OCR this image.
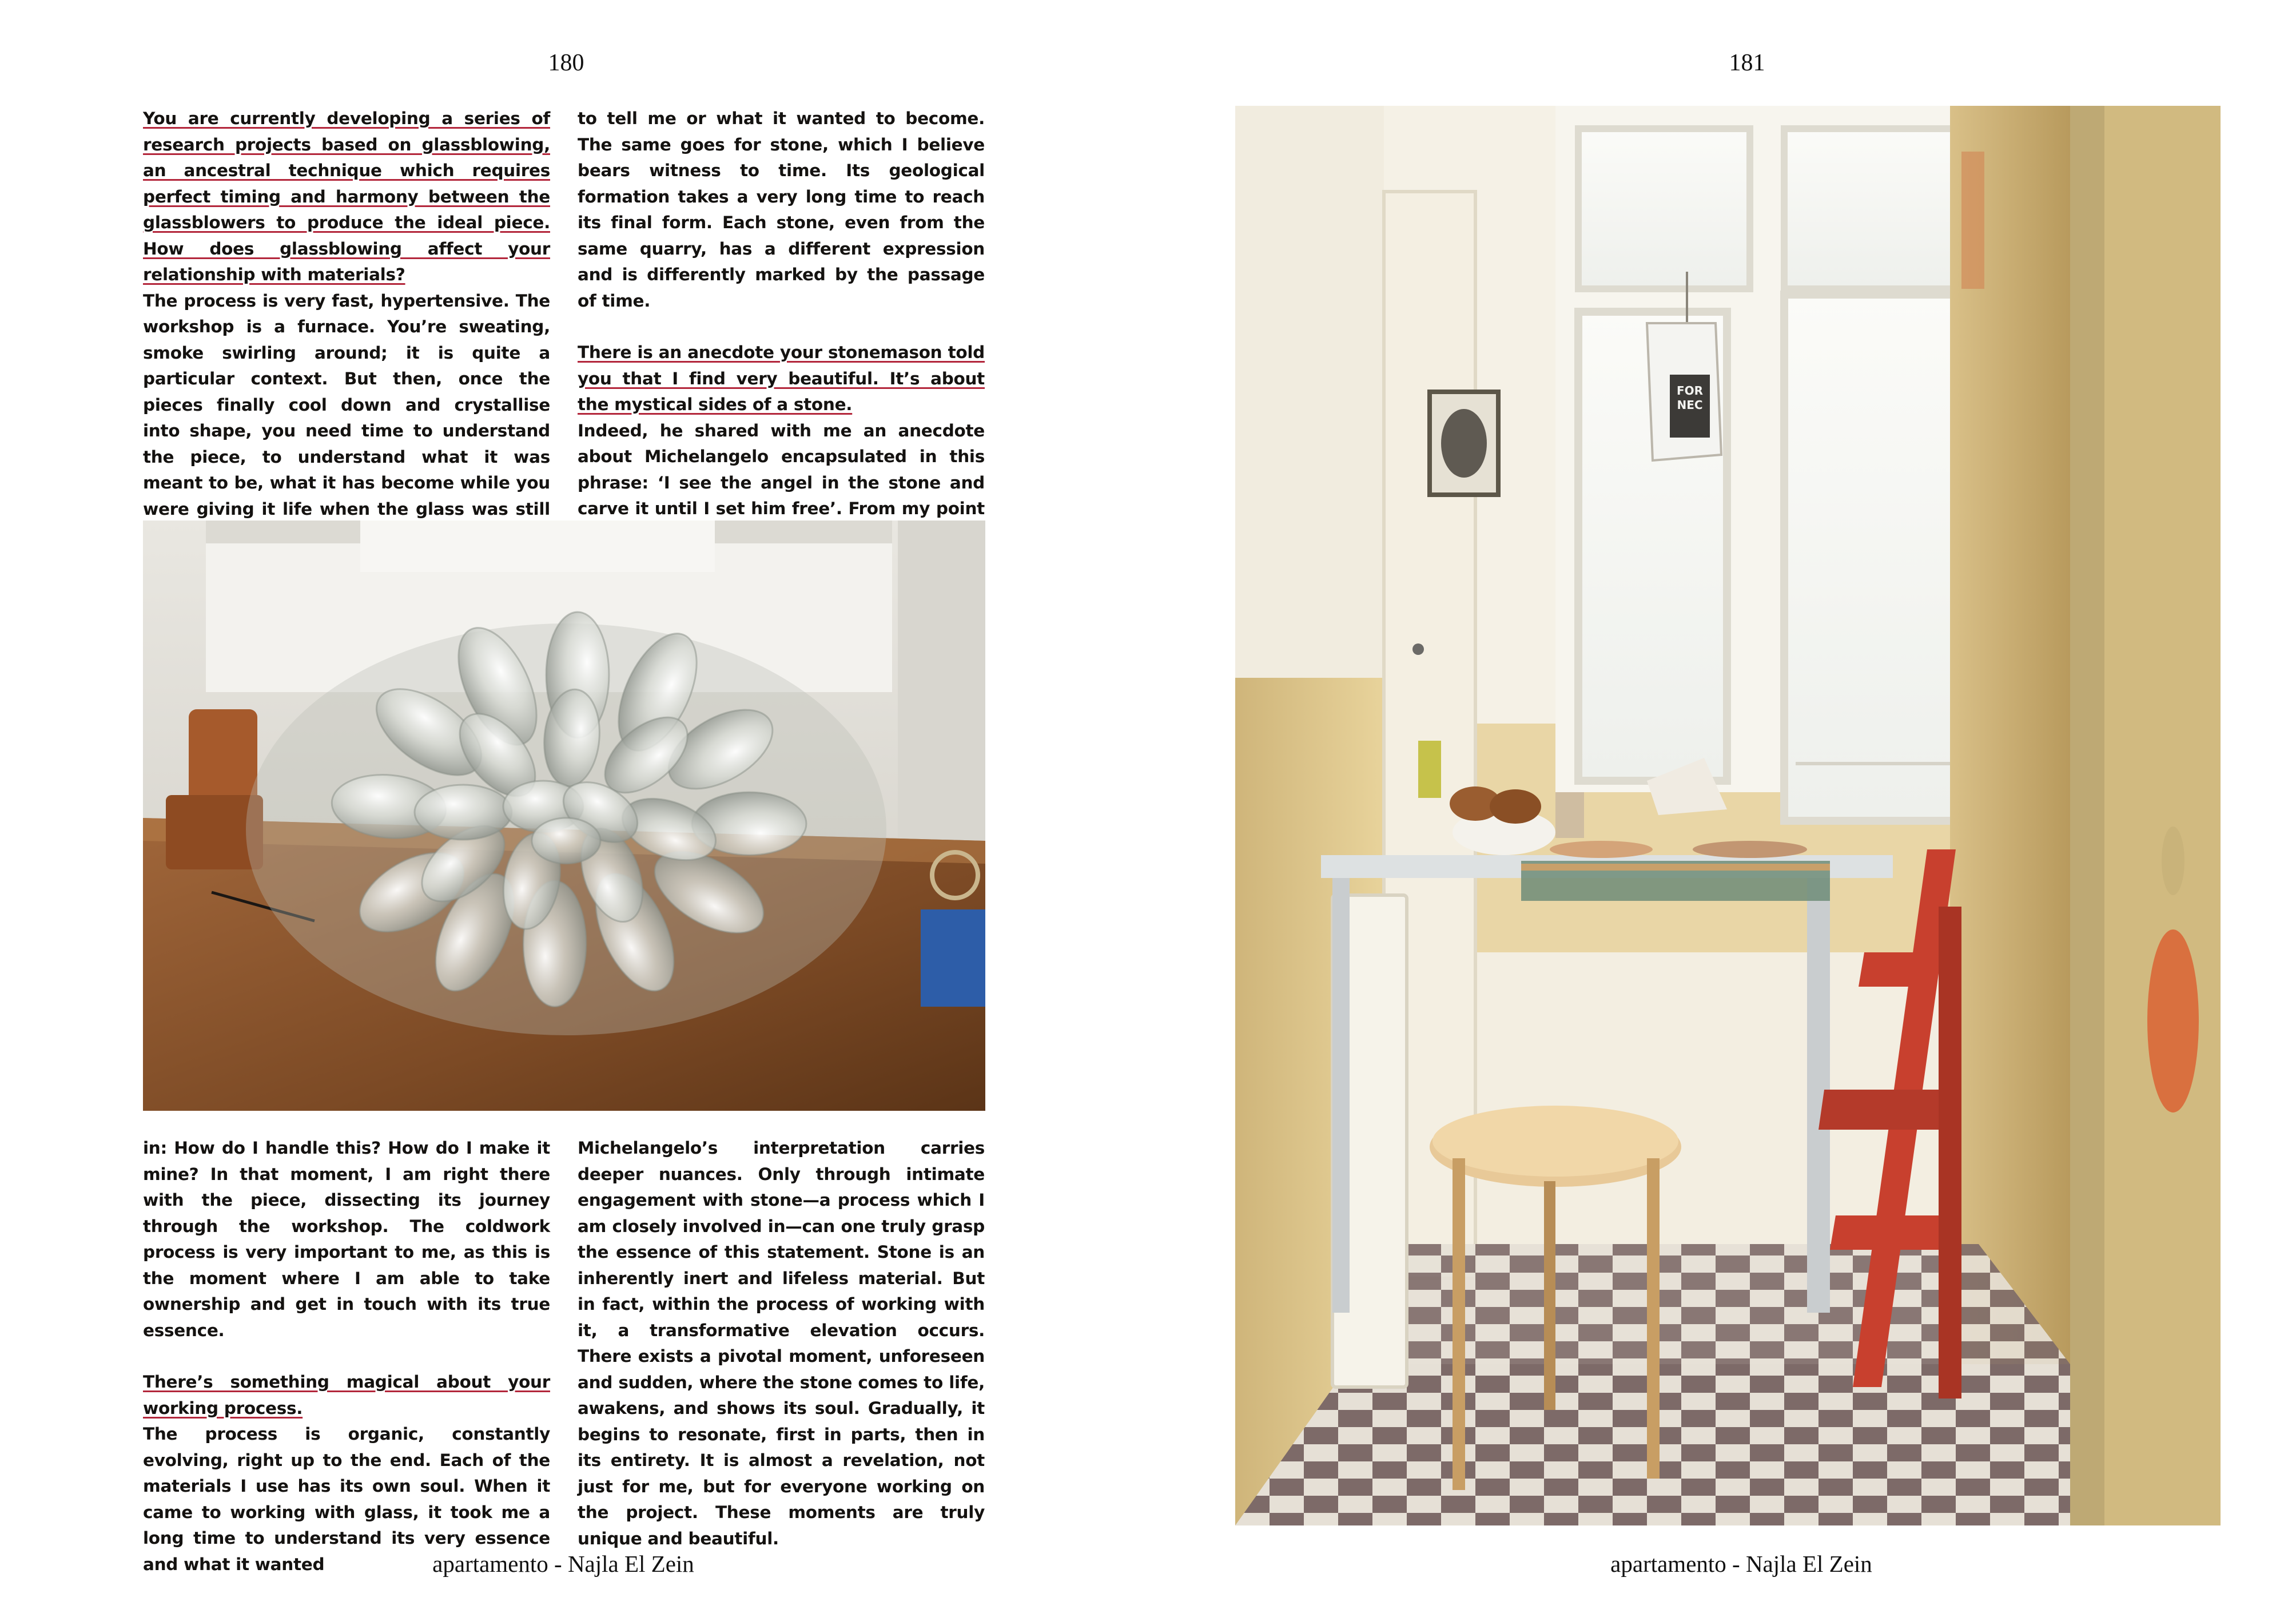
180

You are currently developing a series of research projects based on glassblowing, an ancestral technique which requires perfect timing and harmony between the glassblowers to produce the ideal piece. How does glassblowing affect your relationship with materials?

The process is very fast, hypertensive. The workshop is a furnace. You’re sweating, smoke swirling around; it is quite a particular context. But then, once the pieces finally cool down and crystallise into shape, you need time to understand the piece, to understand what it was meant to be, what it has become while you were giving it life when the glass was still

to tell me or what it wanted to become. The same goes for stone, which I believe bears witness to time. Its geological formation takes a very long time to reach its final form. Each stone, even from the same quarry, has a different expression and is differently marked by the passage of time.

There is an anecdote your stonemason told you that I find very beautiful. It’s about the mystical sides of a stone.

Indeed, he shared with me an anecdote about Michelangelo encapsulated in this phrase: ‘I see the angel in the stone and carve it until I set him free’. From my point

in: How do I handle this? How do I make it mine? In that moment, I am right there with the piece, dissecting its journey through the workshop. The coldwork process is very important to me, as this is the moment where I am able to take ownership and get in touch with its true essence.

There’s something magical about your working process.

The process is organic, constantly evolving, right up to the end. Each of the materials I use has its own soul. When it came to working with glass, it took me a long time to understand its very essence and what it wanted

Michelangelo’s interpretation carries deeper nuances. Only through intimate engagement with stone—a process which I am closely involved in—can one truly grasp the essence of this statement. Stone is an inherently inert and lifeless material. But in fact, within the process of working with it, a transformative elevation occurs. There exists a pivotal moment, unforeseen and sudden, where the stone comes to life, awakens, and shows its soul. Gradually, it begins to resonate, first in parts, then in its entirety. It is almost a revelation, not just for me, but for everyone working on the project. These moments are truly unique and beautiful.

apartamento - Najla El Zein
181
FOR
NEC
apartamento - Najla El Zein
